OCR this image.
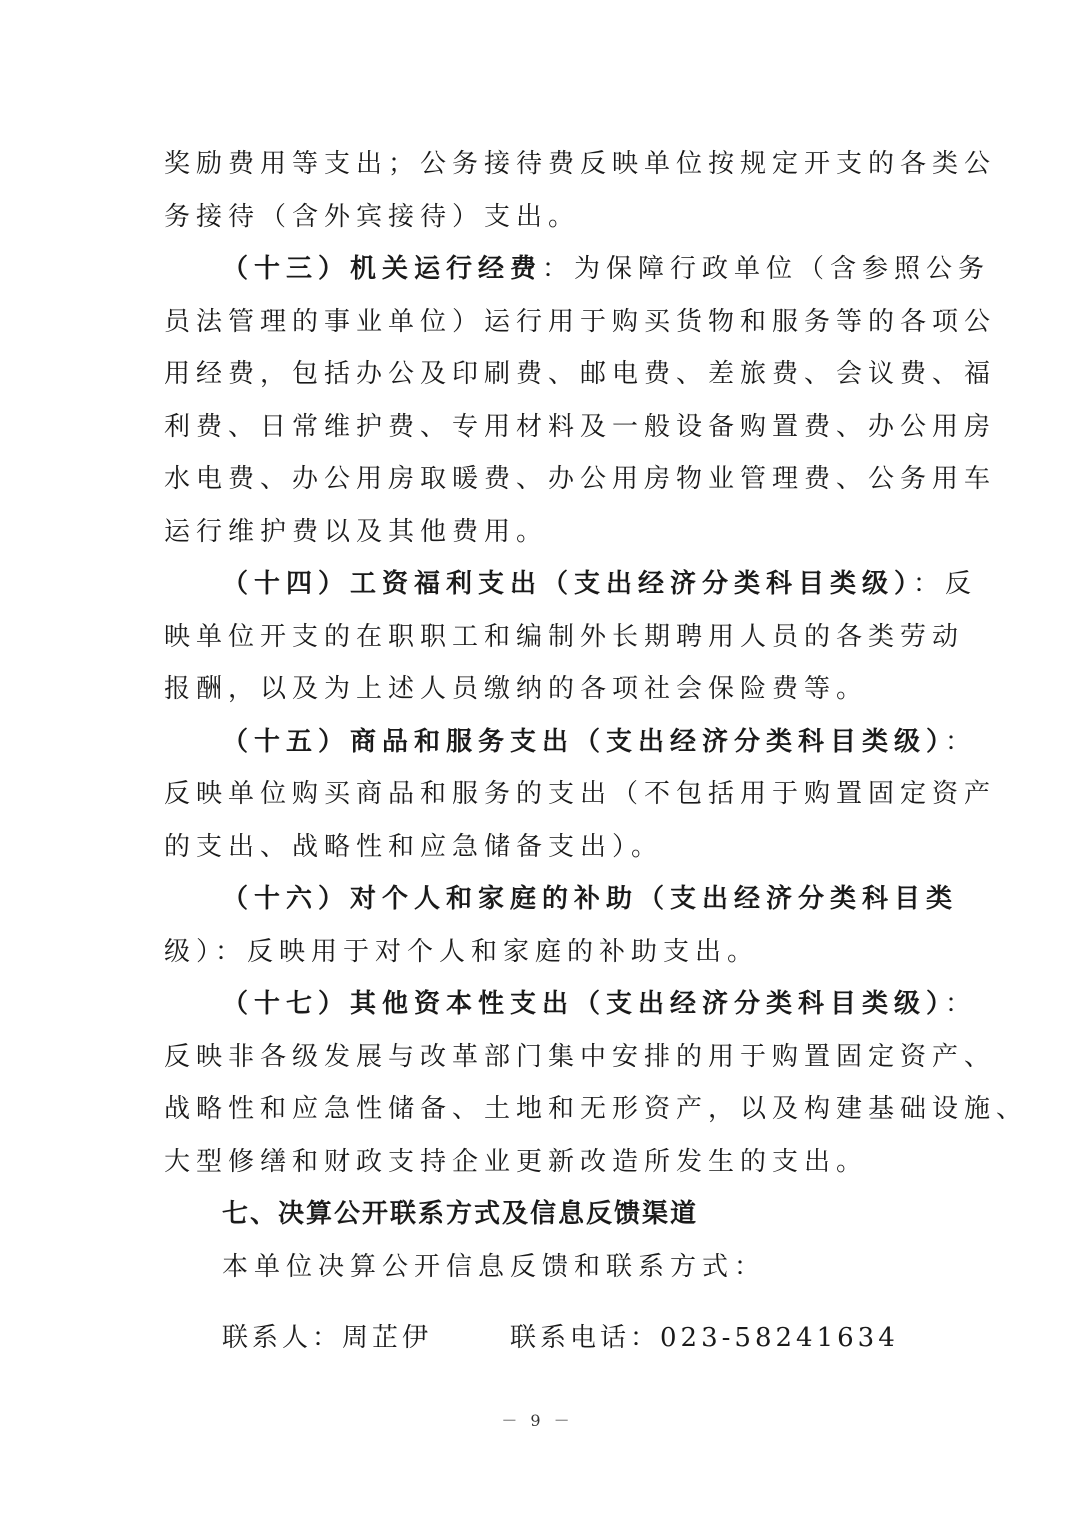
奖励费用等支出；公务接待费反映单位按规定开支的各类公
务接待（含外宾接待）支出。
（十三）机关运行经费：为保障行政单位（含参照公务
员法管理的事业单位）运行用于购买货物和服务等的各项公
用经费，包括办公及印刷费、邮电费、差旅费、会议费、福
利费、日常维护费、专用材料及一般设备购置费、办公用房
水电费、办公用房取暖费、办公用房物业管理费、公务用车
运行维护费以及其他费用。
（十四）工资福利支出（支出经济分类科目类级）：反
映单位开支的在职职工和编制外长期聘用人员的各类劳动
报酬，以及为上述人员缴纳的各项社会保险费等。
（十五）商品和服务支出（支出经济分类科目类级）：
反映单位购买商品和服务的支出（不包括用于购置固定资产
的支出、战略性和应急储备支出）。
（十六）对个人和家庭的补助（支出经济分类科目类
级）：反映用于对个人和家庭的补助支出。
（十七）其他资本性支出（支出经济分类科目类级）：
反映非各级发展与改革部门集中安排的用于购置固定资产、
战略性和应急性储备、土地和无形资产，以及构建基础设施、
大型修缮和财政支持企业更新改造所发生的支出。
七、决算公开联系方式及信息反馈渠道
本单位决算公开信息反馈和联系方式：
联系人：周芷伊	联系电话：023-58241634
－ 9 －
